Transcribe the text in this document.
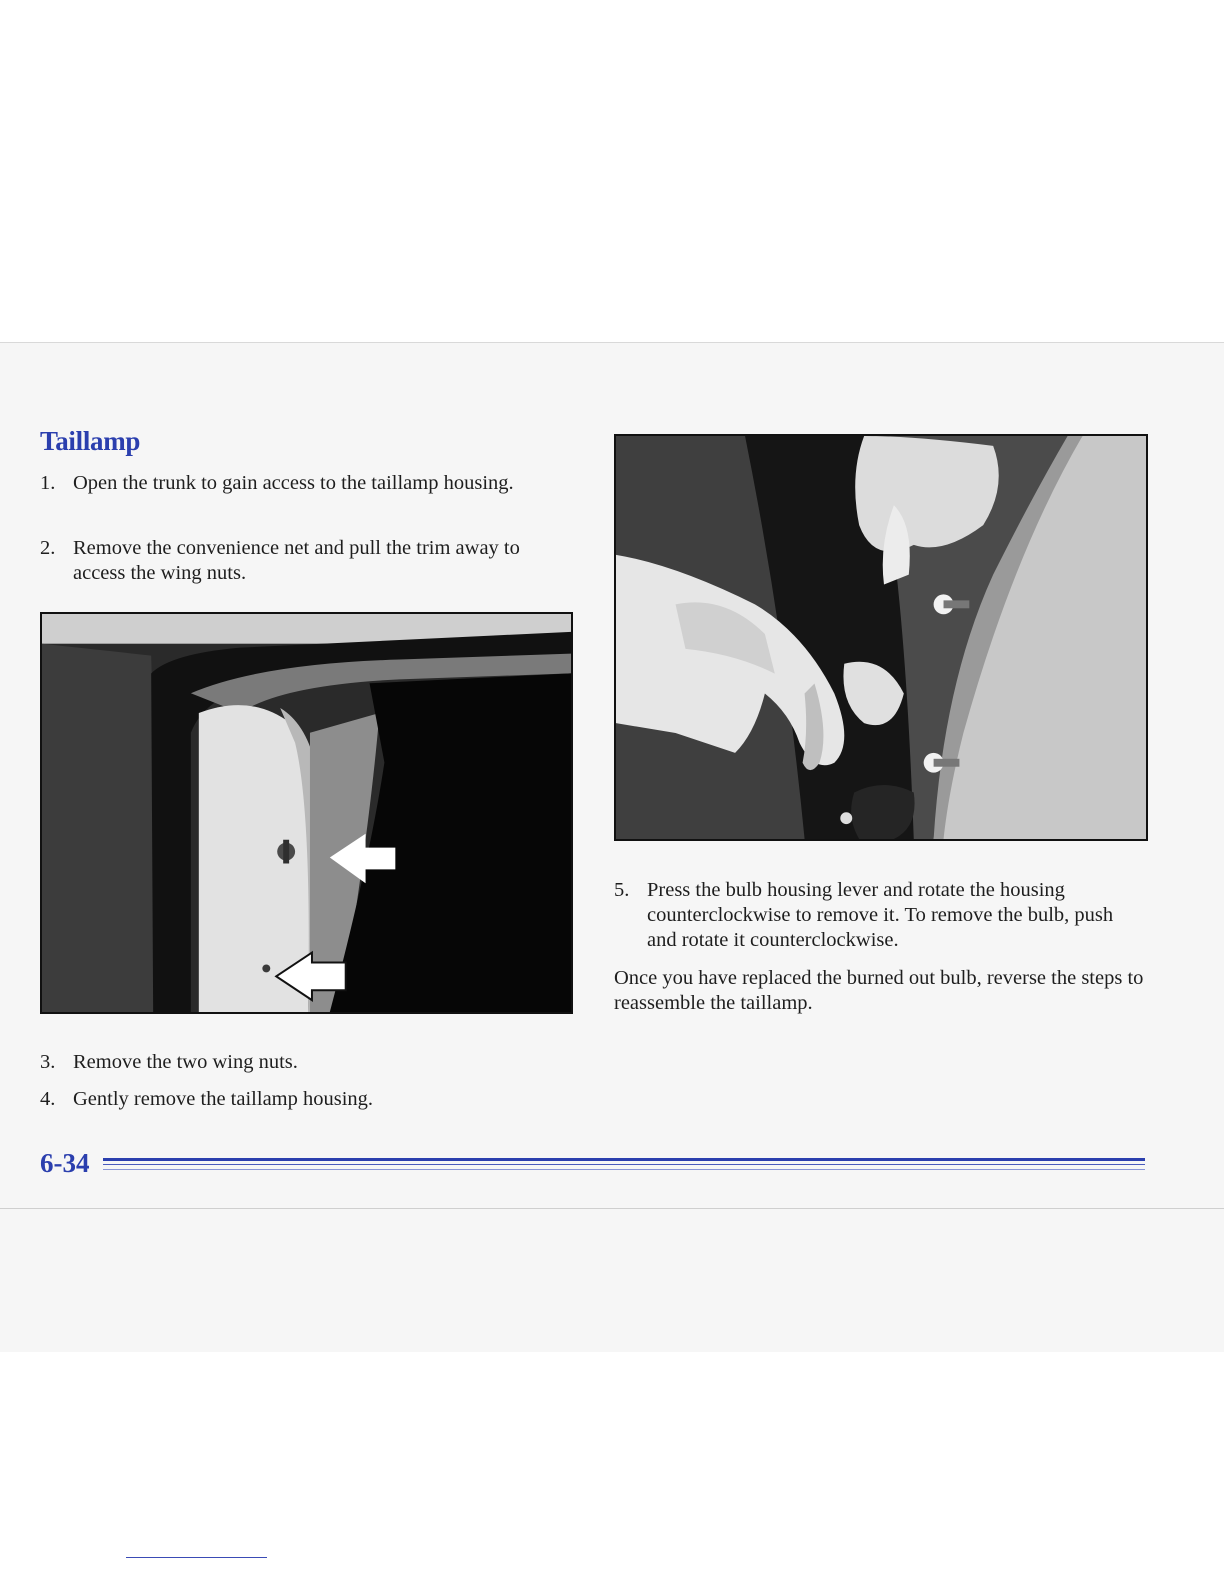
Taillamp
1. Open the trunk to gain access to the taillamp housing.
2. Remove the convenience net and pull the trim away to access the wing nuts.
3. Remove the two wing nuts.
4. Gently remove the taillamp housing.
5. Press the bulb housing lever and rotate the housing counterclockwise to remove it. To remove the bulb, push and rotate it counterclockwise.

Once you have replaced the burned out bulb, reverse the steps to reassemble the taillamp.

6-34
